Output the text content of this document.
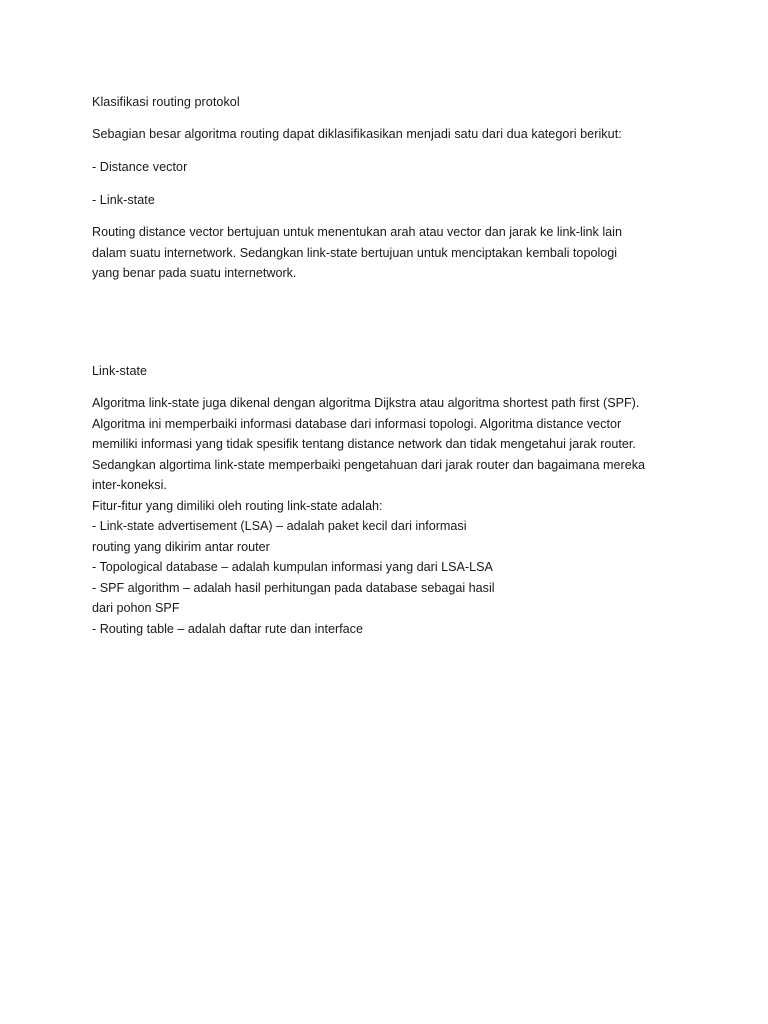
Klasifikasi routing protokol
Sebagian besar algoritma routing dapat diklasifikasikan menjadi satu dari dua kategori berikut:
- Distance vector
- Link-state
Routing distance vector bertujuan untuk menentukan arah atau vector dan jarak ke link-link lain
dalam suatu internetwork. Sedangkan link-state bertujuan untuk menciptakan kembali topologi
yang benar pada suatu internetwork.
Link-state
Algoritma link-state juga dikenal dengan algoritma Dijkstra atau algoritma shortest path first (SPF).
Algoritma ini memperbaiki informasi database dari informasi topologi. Algoritma distance vector
memiliki informasi yang tidak spesifik tentang distance network dan tidak mengetahui jarak router.
Sedangkan algortima link-state memperbaiki pengetahuan dari jarak router dan bagaimana mereka
inter-koneksi.
Fitur-fitur yang dimiliki oleh routing link-state adalah:
- Link-state advertisement (LSA) – adalah paket kecil dari informasi
routing yang dikirim antar router
- Topological database – adalah kumpulan informasi yang dari LSA-LSA
- SPF algorithm – adalah hasil perhitungan pada database sebagai hasil
dari pohon SPF
- Routing table – adalah daftar rute dan interface
